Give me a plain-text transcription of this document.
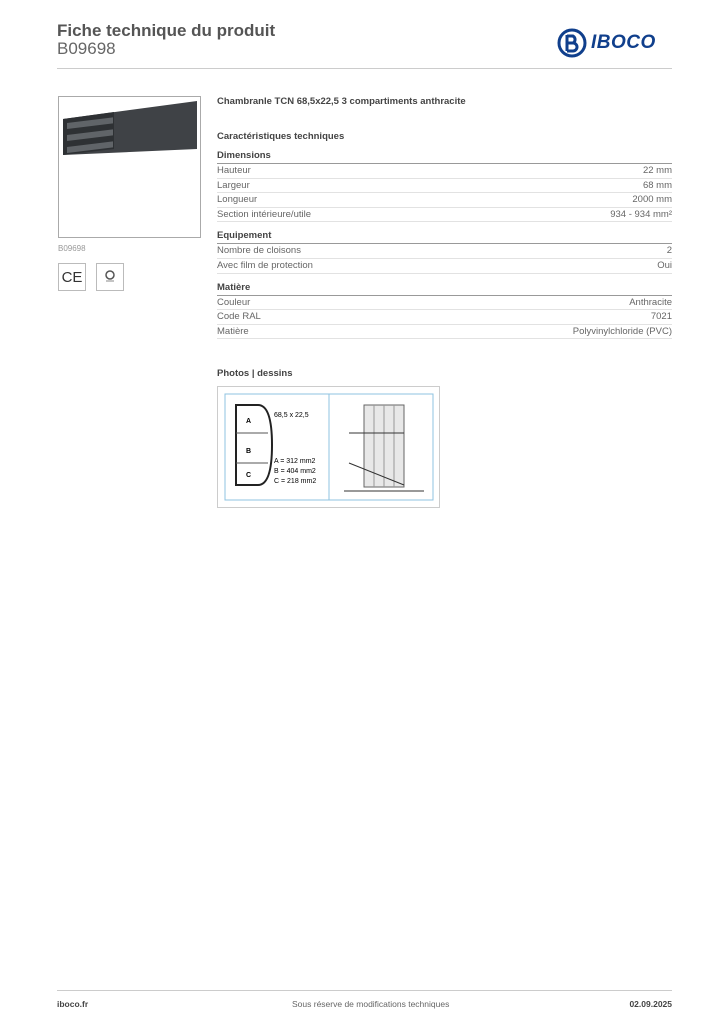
Fiche technique du produit
B09698	IBOCO
B09698
CE
Chambranle TCN 68,5x22,5 3 compartiments anthracite
Caractéristiques techniques
Dimensions
Hauteur	22 mm
Largeur	68 mm
Longueur	2000 mm
Section intérieure/utile	934 - 934 mm²
Equipement
Nombre de cloisons	2
Avec film de protection	Oui
Matière
Couleur	Anthracite
Code RAL	7021
Matière	Polyvinylchloride (PVC)
Photos | dessins
A
B
C
68,5 x 22,5
A = 312 mm2
B = 404 mm2
C = 218 mm2
iboco.fr	Sous réserve de modifications techniques	02.09.2025
